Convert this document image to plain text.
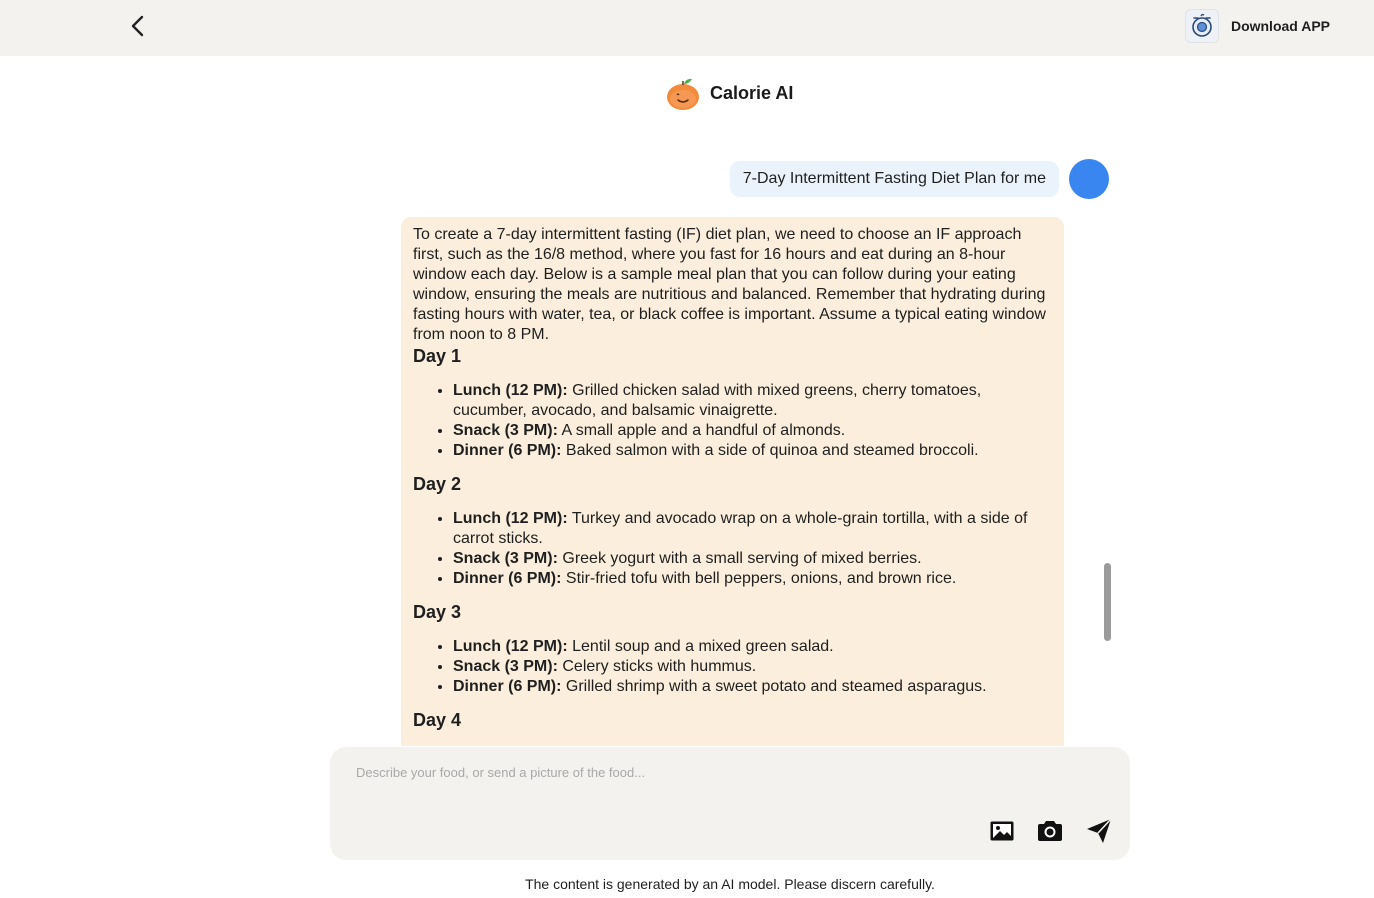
Download APP
Calorie AI
7-Day Intermittent Fasting Diet Plan for me

To create a 7-day intermittent fasting (IF) diet plan, we need to choose an IF approach first, such as the 16/8 method, where you fast for 16 hours and eat during an 8-hour window each day. Below is a sample meal plan that you can follow during your eating window, ensuring the meals are nutritious and balanced. Remember that hydrating during fasting hours with water, tea, or black coffee is important. Assume a typical eating window from noon to 8 PM.

Day 1
• Lunch (12 PM): Grilled chicken salad with mixed greens, cherry tomatoes, cucumber, avocado, and balsamic vinaigrette.
• Snack (3 PM): A small apple and a handful of almonds.
• Dinner (6 PM): Baked salmon with a side of quinoa and steamed broccoli.
Day 2
• Lunch (12 PM): Turkey and avocado wrap on a whole-grain tortilla, with a side of carrot sticks.
• Snack (3 PM): Greek yogurt with a small serving of mixed berries.
• Dinner (6 PM): Stir-fried tofu with bell peppers, onions, and brown rice.
Day 3
• Lunch (12 PM): Lentil soup and a mixed green salad.
• Snack (3 PM): Celery sticks with hummus.
• Dinner (6 PM): Grilled shrimp with a sweet potato and steamed asparagus.
Day 4
Describe your food, or send a picture of the food...
The content is generated by an AI model. Please discern carefully.
